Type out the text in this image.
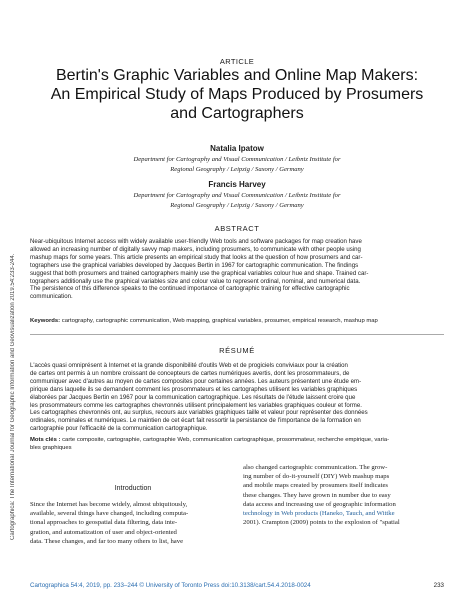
Cartographica: The International Journal for Geographic Information and Geovisualization 2019.54:233-244.
ARTICLE
Bertin's Graphic Variables and Online Map Makers:
An Empirical Study of Maps Produced by Prosumers
and Cartographers
Natalia Ipatow
Department for Cartography and Visual Communication / Leibniz Institute for
Regional Geography / Leipzig / Saxony / Germany
Francis Harvey
Department for Cartography and Visual Communication / Leibniz Institute for
Regional Geography / Leipzig / Saxony / Germany
ABSTRACT
Near-ubiquitous Internet access with widely available user-friendly Web tools and software packages for map creation have
allowed an increasing number of digitally savvy map makers, including prosumers, to communicate with other people using
mashup maps for some years. This article presents an empirical study that looks at the question of how prosumers and car-
tographers use the graphical variables developed by Jacques Bertin in 1967 for cartographic communication. The findings
suggest that both prosumers and trained cartographers mainly use the graphical variables colour hue and shape. Trained car-
tographers additionally use the graphical variables size and colour value to represent ordinal, nominal, and numerical data.
The persistence of this difference speaks to the continued importance of cartographic training for effective cartographic
communication.
Keywords: cartography, cartographic communication, Web mapping, graphical variables, prosumer, empirical research, mashup map
RÉSUMÉ
L'accès quasi omniprésent à Internet et la grande disponibilité d'outils Web et de progiciels conviviaux pour la création
de cartes ont permis à un nombre croissant de concepteurs de cartes numériques avertis, dont les prosommateurs, de
communiquer avec d'autres au moyen de cartes composites pour certaines années. Les auteurs présentent une étude em-
pirique dans laquelle ils se demandent comment les prosommateurs et les cartographes utilisent les variables graphiques
élaborées par Jacques Bertin en 1967 pour la communication cartographique. Les résultats de l'étude laissent croire que
les prosommateurs comme les cartographes chevronnés utilisent principalement les variables graphiques couleur et forme.
Les cartographes chevronnés ont, au surplus, recours aux variables graphiques taille et valeur pour représenter des données
ordinales, nominales et numériques. Le maintien de cet écart fait ressortir la persistance de l'importance de la formation en
cartographie pour l'efficacité de la communication cartographique.
Mots clés : carte composite, cartographie, cartographie Web, communication cartographique, prosommateur, recherche empirique, varia-
bles graphiques
Introduction
Since the Internet has become widely, almost ubiquitously,
available, several things have changed, including computa-
tional approaches to geospatial data filtering, data inte-
gration, and automatization of user and object-oriented
data. These changes, and far too many others to list, have
also changed cartographic communication. The grow-
ing number of do-it-yourself (DIY) Web mashup maps
and mobile maps created by prosumers itself indicates
these changes. They have grown in number due to easy
data access and increasing use of geographic information
technology in Web products (Haneko, Tauch, and Wittke
2001). Crampton (2009) points to the explosion of "spatial
Cartographica 54:4, 2019, pp. 233–244 © University of Toronto Press doi:10.3138/cart.54.4.2018-0024	233
